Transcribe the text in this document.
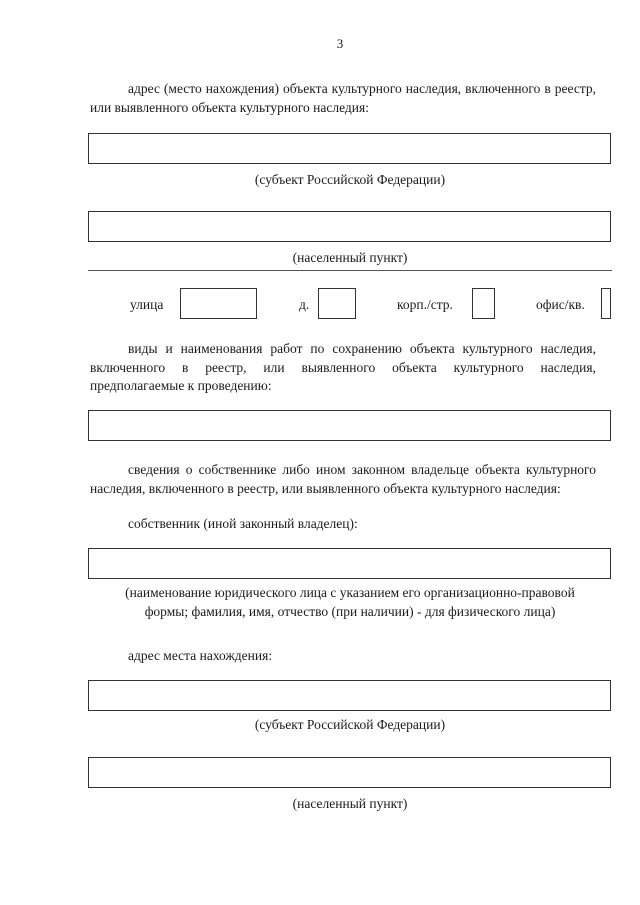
3
адрес (место нахождения) объекта культурного наследия, включенного в реестр, или выявленного объекта культурного наследия:
(субъект Российской Федерации)
(населенный пункт)
улица	д.	корп./стр.	офис/кв.
виды и наименования работ по сохранению объекта культурного наследия, включенного в реестр, или выявленного объекта культурного наследия, предполагаемые к проведению:
сведения о собственнике либо ином законном владельце объекта культурного наследия, включенного в реестр, или выявленного объекта культурного наследия:
собственник (иной законный владелец):
(наименование юридического лица с указанием его организационно-правовой
формы; фамилия, имя, отчество (при наличии) - для физического лица)
адрес места нахождения:
(субъект Российской Федерации)
(населенный пункт)
